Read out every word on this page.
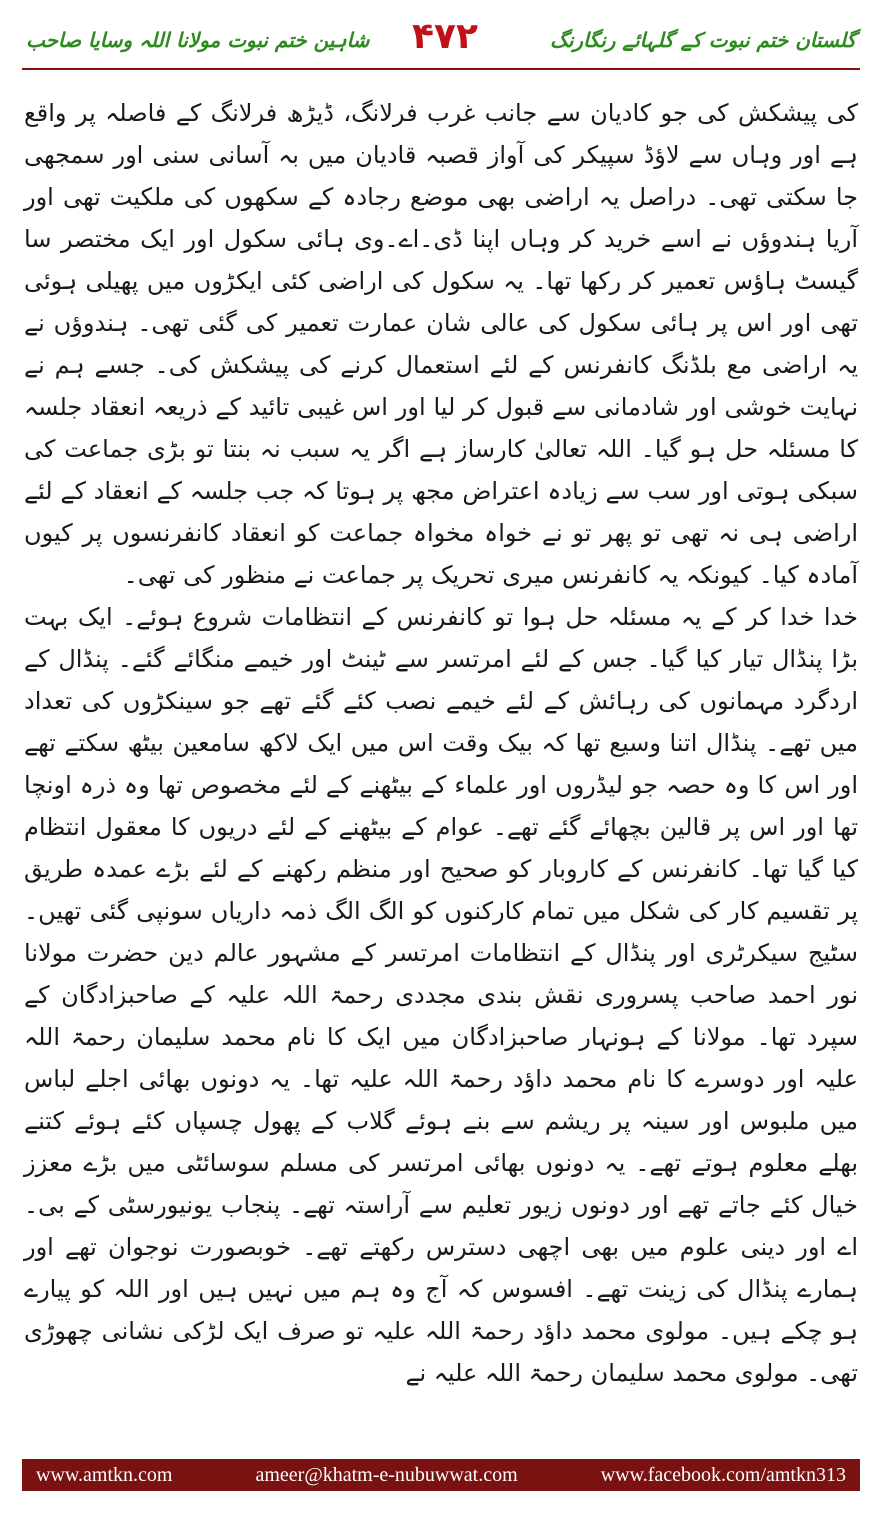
شاہین ختم نبوت مولانا اللہ وسایا صاحب ۴۷۲	گلستان ختم نبوت کے گلہائے رنگارنگ

کی پیشکش کی جو کادیان سے جانب غرب فرلانگ، ڈیڑھ فرلانگ کے فاصلہ پر واقع ہے اور وہاں سے لاؤڈ سپیکر کی آواز قصبہ قادیان میں بہ آسانی سنی اور سمجھی جا سکتی تھی۔ دراصل یہ اراضی بھی موضع رجادہ کے سکھوں کی ملکیت تھی اور آریا ہندوؤں نے اسے خرید کر وہاں اپنا ڈی۔اے۔وی ہائی سکول اور ایک مختصر سا گیسٹ ہاؤس تعمیر کر رکھا تھا۔ یہ سکول کی اراضی کئی ایکڑوں میں پھیلی ہوئی تھی اور اس پر ہائی سکول کی عالی شان عمارت تعمیر کی گئی تھی۔ ہندوؤں نے یہ اراضی مع بلڈنگ کانفرنس کے لئے استعمال کرنے کی پیشکش کی۔ جسے ہم نے نہایت خوشی اور شادمانی سے قبول کر لیا اور اس غیبی تائید کے ذریعہ انعقاد جلسہ کا مسئلہ حل ہو گیا۔ اللہ تعالیٰ کارساز ہے اگر یہ سبب نہ بنتا تو بڑی جماعت کی سبکی ہوتی اور سب سے زیادہ اعتراض مجھ پر ہوتا کہ جب جلسہ کے انعقاد کے لئے اراضی ہی نہ تھی تو پھر تو نے خواہ مخواہ جماعت کو انعقاد کانفرنسوں پر کیوں آمادہ کیا۔ کیونکہ یہ کانفرنس میری تحریک پر جماعت نے منظور کی تھی۔

خدا خدا کر کے یہ مسئلہ حل ہوا تو کانفرنس کے انتظامات شروع ہوئے۔ ایک بہت بڑا پنڈال تیار کیا گیا۔ جس کے لئے امرتسر سے ٹینٹ اور خیمے منگائے گئے۔ پنڈال کے اردگرد مہمانوں کی رہائش کے لئے خیمے نصب کئے گئے تھے جو سینکڑوں کی تعداد میں تھے۔ پنڈال اتنا وسیع تھا کہ بیک وقت اس میں ایک لاکھ سامعین بیٹھ سکتے تھے اور اس کا وہ حصہ جو لیڈروں اور علماء کے بیٹھنے کے لئے مخصوص تھا وہ ذرہ اونچا تھا اور اس پر قالین بچھائے گئے تھے۔ عوام کے بیٹھنے کے لئے دریوں کا معقول انتظام کیا گیا تھا۔ کانفرنس کے کاروبار کو صحیح اور منظم رکھنے کے لئے بڑے عمدہ طریق پر تقسیم کار کی شکل میں تمام کارکنوں کو الگ الگ ذمہ داریاں سونپی گئی تھیں۔ سٹیج سیکرٹری اور پنڈال کے انتظامات امرتسر کے مشہور عالم دین حضرت مولانا نور احمد صاحب پسروری نقش بندی مجددی رحمۃ اللہ علیہ کے صاحبزادگان کے سپرد تھا۔ مولانا کے ہونہار صاحبزادگان میں ایک کا نام محمد سلیمان رحمۃ اللہ علیہ اور دوسرے کا نام محمد داؤد رحمۃ اللہ علیہ تھا۔ یہ دونوں بھائی اجلے لباس میں ملبوس اور سینہ پر ریشم سے بنے ہوئے گلاب کے پھول چسپاں کئے ہوئے کتنے بھلے معلوم ہوتے تھے۔ یہ دونوں بھائی امرتسر کی مسلم سوسائٹی میں بڑے معزز خیال کئے جاتے تھے اور دونوں زیور تعلیم سے آراستہ تھے۔ پنجاب یونیورسٹی کے بی۔اے اور دینی علوم میں بھی اچھی دسترس رکھتے تھے۔ خوبصورت نوجوان تھے اور ہمارے پنڈال کی زینت تھے۔ افسوس کہ آج وہ ہم میں نہیں ہیں اور اللہ کو پیارے ہو چکے ہیں۔ مولوی محمد داؤد رحمۃ اللہ علیہ تو صرف ایک لڑکی نشانی چھوڑی تھی۔ مولوی محمد سلیمان رحمۃ اللہ علیہ نے

www.amtkn.com	ameer@khatm-e-nubuwwat.com	www.facebook.com/amtkn313
